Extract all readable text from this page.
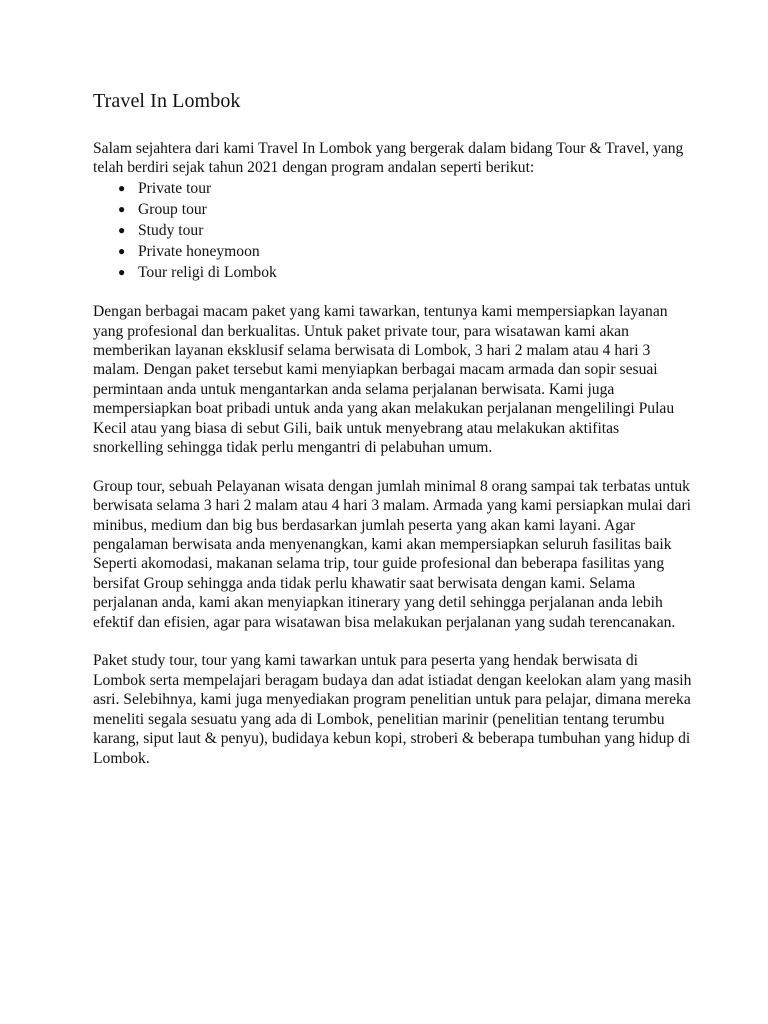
Travel In Lombok

Salam sejahtera dari kami Travel In Lombok yang bergerak dalam bidang Tour & Travel, yang telah berdiri sejak tahun 2021 dengan program andalan seperti berikut:

● Private tour
● Group tour
● Study tour
● Private honeymoon
● Tour religi di Lombok

Dengan berbagai macam paket yang kami tawarkan, tentunya kami mempersiapkan layanan yang profesional dan berkualitas. Untuk paket private tour, para wisatawan kami akan memberikan layanan eksklusif selama berwisata di Lombok, 3 hari 2 malam atau 4 hari 3 malam. Dengan paket tersebut kami menyiapkan berbagai macam armada dan sopir sesuai permintaan anda untuk mengantarkan anda selama perjalanan berwisata. Kami juga mempersiapkan boat pribadi untuk anda yang akan melakukan perjalanan mengelilingi Pulau Kecil atau yang biasa di sebut Gili, baik untuk menyebrang atau melakukan aktifitas snorkelling sehingga tidak perlu mengantri di pelabuhan umum.

Group tour, sebuah Pelayanan wisata dengan jumlah minimal 8 orang sampai tak terbatas untuk berwisata selama 3 hari 2 malam atau 4 hari 3 malam. Armada yang kami persiapkan mulai dari minibus, medium dan big bus berdasarkan jumlah peserta yang akan kami layani. Agar pengalaman berwisata anda menyenangkan, kami akan mempersiapkan seluruh fasilitas baik Seperti akomodasi, makanan selama trip, tour guide profesional dan beberapa fasilitas yang bersifat Group sehingga anda tidak perlu khawatir saat berwisata dengan kami. Selama perjalanan anda, kami akan menyiapkan itinerary yang detil sehingga perjalanan anda lebih efektif dan efisien, agar para wisatawan bisa melakukan perjalanan yang sudah terencanakan.

Paket study tour, tour yang kami tawarkan untuk para peserta yang hendak berwisata di Lombok serta mempelajari beragam budaya dan adat istiadat dengan keelokan alam yang masih asri. Selebihnya, kami juga menyediakan program penelitian untuk para pelajar, dimana mereka meneliti segala sesuatu yang ada di Lombok, penelitian marinir (penelitian tentang terumbu karang, siput laut & penyu), budidaya kebun kopi, stroberi & beberapa tumbuhan yang hidup di Lombok.
